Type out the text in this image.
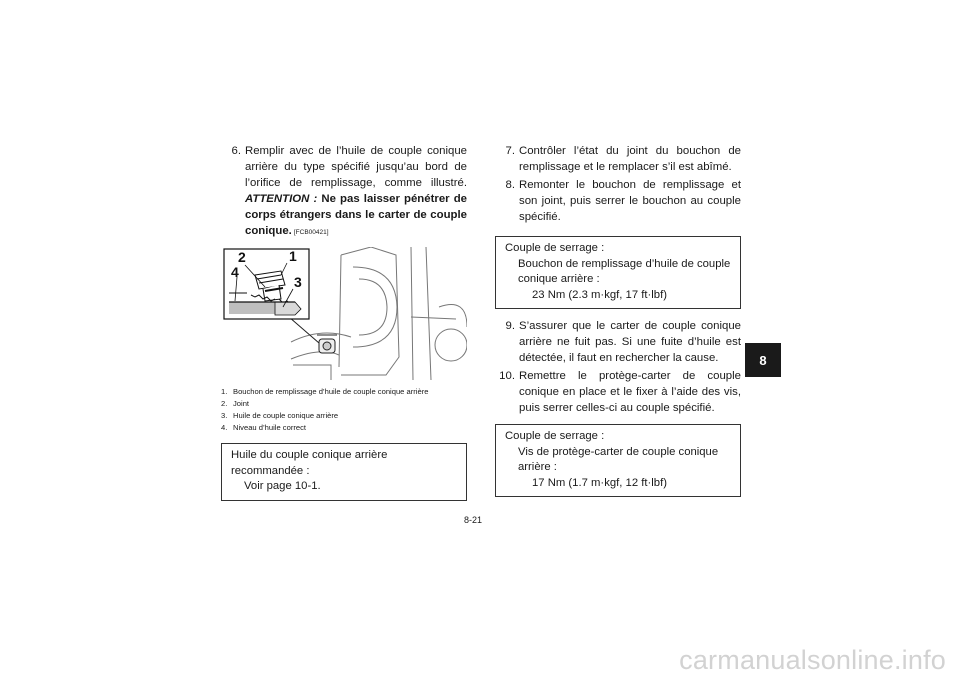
6. Remplir avec de l’huile de couple conique arrière du type spécifié jusqu’au bord de l’orifice de remplissage, comme illustré. ATTENTION : Ne pas laisser pénétrer de corps étrangers dans le carter de couple conique. [FCB00421]
2	1
4
3
1. Bouchon de remplissage d’huile de couple conique arrière
2. Joint
3. Huile de couple conique arrière
4. Niveau d’huile correct
Huile du couple conique arrière
recommandée :
Voir page 10-1.
7. Contrôler l’état du joint du bouchon de remplissage et le remplacer s’il est abîmé.
8. Remonter le bouchon de remplissage et son joint, puis serrer le bouchon au couple spécifié.
Couple de serrage :
Bouchon de remplissage d’huile de couple
conique arrière :
23 Nm (2.3 m·kgf, 17 ft·lbf)
9. S’assurer que le carter de couple conique arrière ne fuit pas. Si une fuite d’huile est détectée, il faut en rechercher la cause.
10. Remettre le protège-carter de couple conique en place et le fixer à l’aide des vis, puis serrer celles-ci au couple spécifié.
Couple de serrage :
Vis de protège-carter de couple conique
arrière :
17 Nm (1.7 m·kgf, 12 ft·lbf)
8-21
8
carmanualsonline.info
